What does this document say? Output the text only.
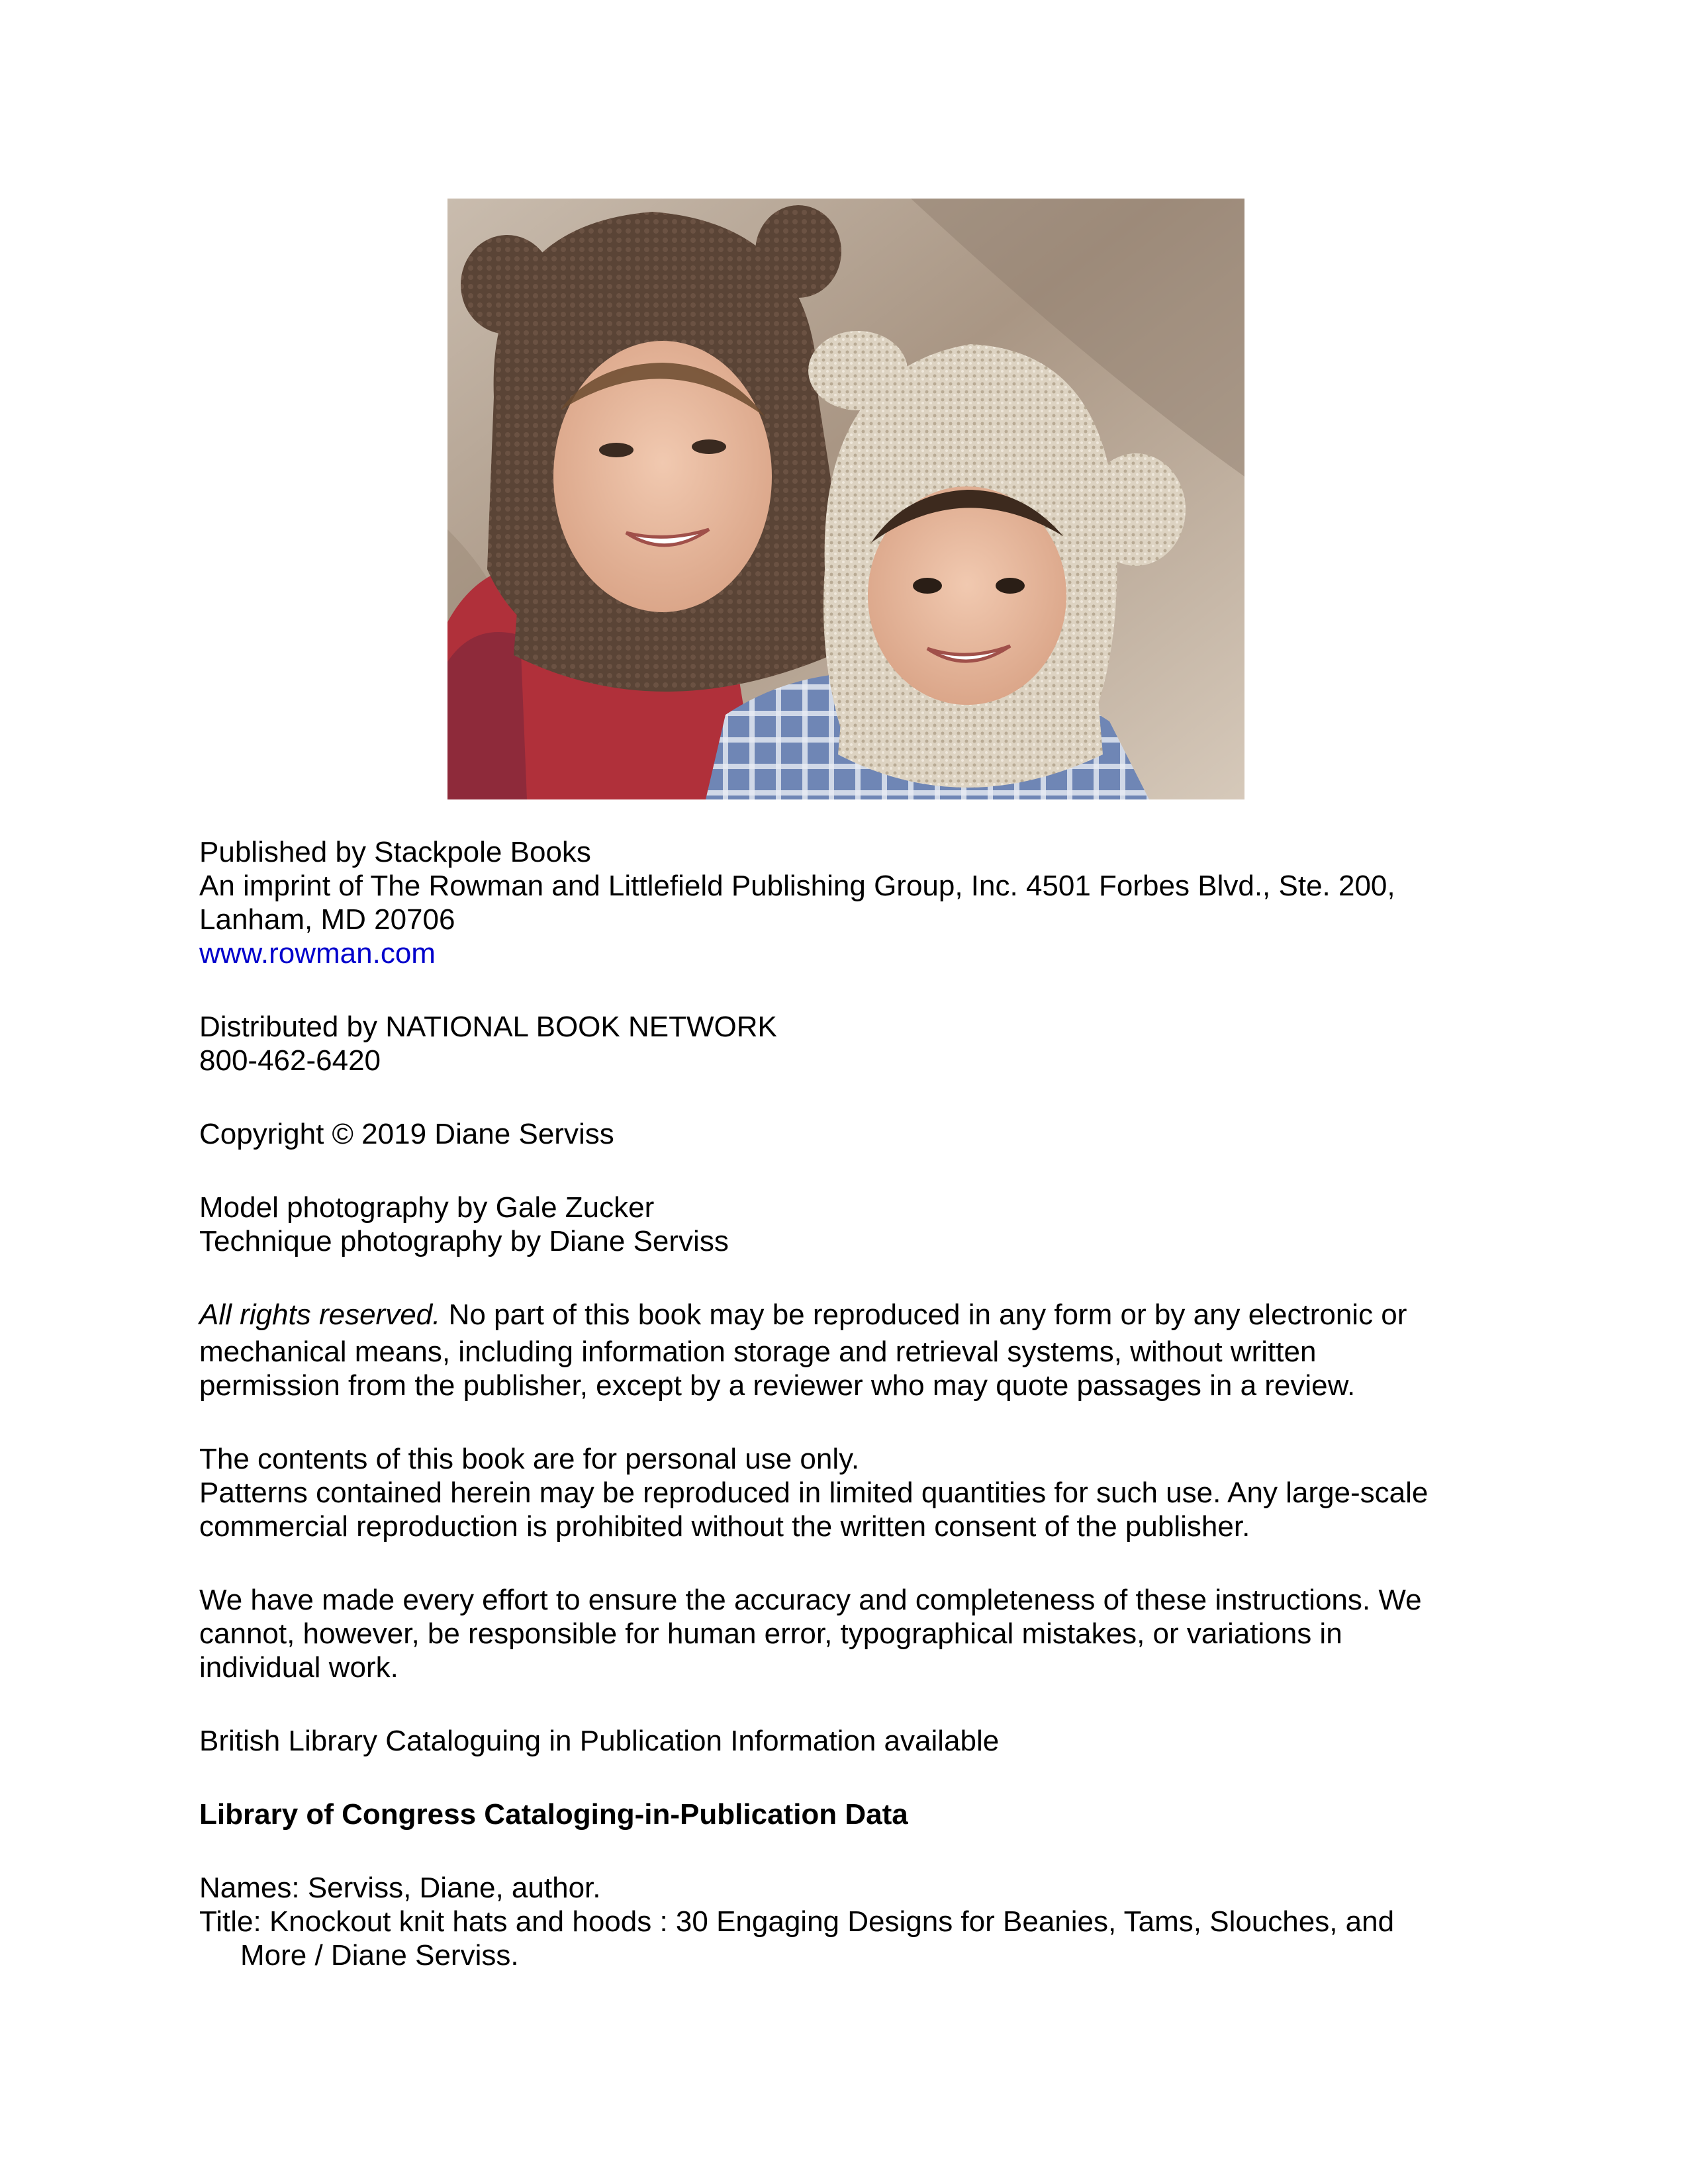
Published by Stackpole Books

An imprint of The Rowman and Littlefield Publishing Group, Inc. 4501 Forbes Blvd., Ste. 200,

Lanham, MD 20706

www.rowman.com

Distributed by NATIONAL BOOK NETWORK

800-462-6420

Copyright © 2019 Diane Serviss

Model photography by Gale Zucker

Technique photography by Diane Serviss

All rights reserved. No part of this book may be reproduced in any form or by any electronic or

mechanical means, including information storage and retrieval systems, without written

permission from the publisher, except by a reviewer who may quote passages in a review.

The contents of this book are for personal use only.

Patterns contained herein may be reproduced in limited quantities for such use. Any large-scale

commercial reproduction is prohibited without the written consent of the publisher.

We have made every effort to ensure the accuracy and completeness of these instructions. We

cannot, however, be responsible for human error, typographical mistakes, or variations in

individual work.

British Library Cataloguing in Publication Information available

Library of Congress Cataloging-in-Publication Data

Names: Serviss, Diane, author.

Title: Knockout knit hats and hoods : 30 Engaging Designs for Beanies, Tams, Slouches, and

More / Diane Serviss.
